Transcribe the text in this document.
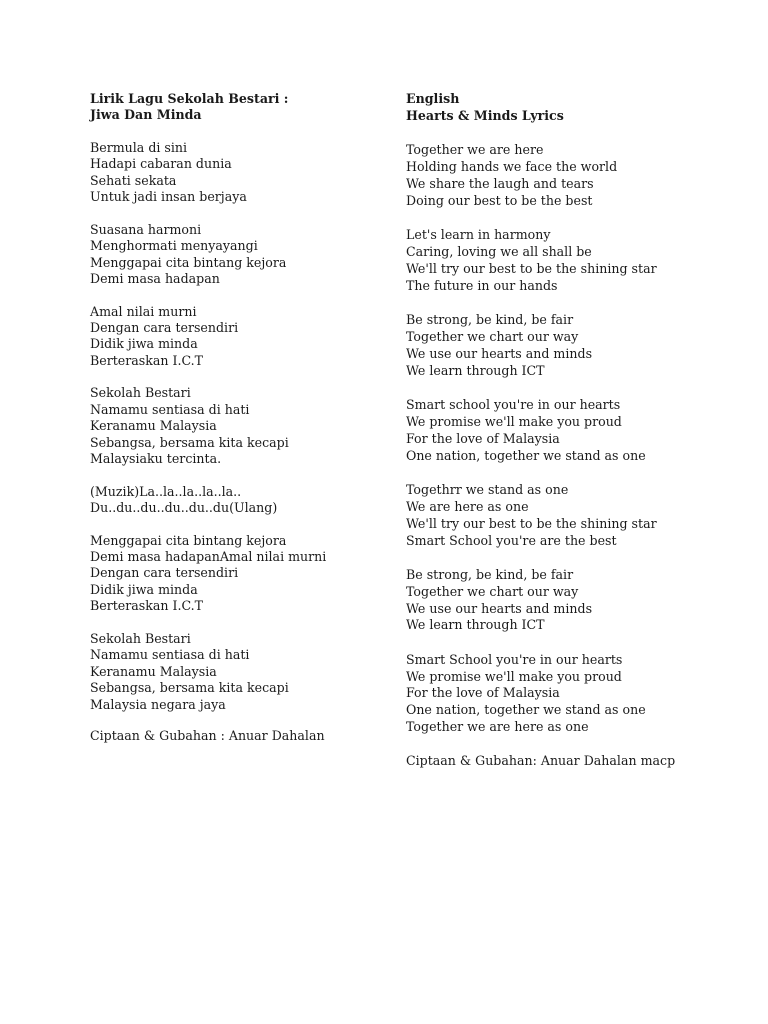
Lirik Lagu Sekolah Bestari :
Jiwa Dan Minda
Bermula di sini
Hadapi cabaran dunia
Sehati sekata
Untuk jadi insan berjaya
Suasana harmoni
Menghormati menyayangi
Menggapai cita bintang kejora
Demi masa hadapan
Amal nilai murni
Dengan cara tersendiri
Didik jiwa minda
Berteraskan I.C.T
Sekolah Bestari
Namamu sentiasa di hati
Keranamu Malaysia
Sebangsa, bersama kita kecapi
Malaysiaku tercinta.
(Muzik)La..la..la..la..la..
Du..du..du..du..du..du(Ulang)
Menggapai cita bintang kejora
Demi masa hadapanAmal nilai murni
Dengan cara tersendiri
Didik jiwa minda
Berteraskan I.C.T
Sekolah Bestari
Namamu sentiasa di hati
Keranamu Malaysia
Sebangsa, bersama kita kecapi
Malaysia negara jaya
Ciptaan & Gubahan : Anuar Dahalan
English
Hearts & Minds Lyrics
Together we are here
Holding hands we face the world
We share the laugh and tears
Doing our best to be the best
Let's learn in harmony
Caring, loving we all shall be
We'll try our best to be the shining star
The future in our hands
Be strong, be kind, be fair
Together we chart our way
We use our hearts and minds
We learn through ICT
Smart school you're in our hearts
We promise we'll make you proud
For the love of Malaysia
One nation, together we stand as one
Togethrr we stand as one
We are here as one
We'll try our best to be the shining star
Smart School you're are the best
Be strong, be kind, be fair
Together we chart our way
We use our hearts and minds
We learn through ICT
Smart School you're in our hearts
We promise we'll make you proud
For the love of Malaysia
One nation, together we stand as one
Together we are here as one
Ciptaan & Gubahan: Anuar Dahalan macp
